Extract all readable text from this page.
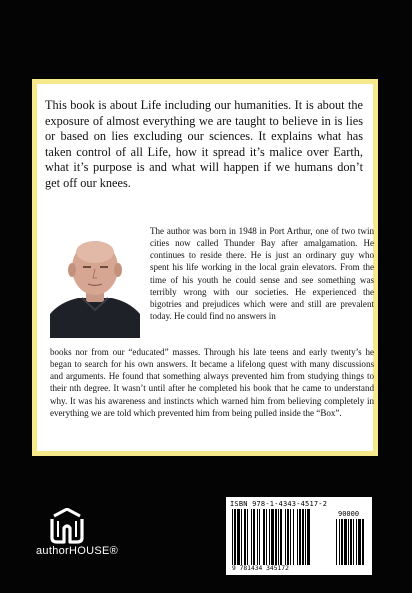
This book is about Life including our humanities. It is about the exposure of almost everything we are taught to believe in is lies or based on lies excluding our sciences. It explains what has taken control of all Life, how it spread it’s malice over Earth, what it’s purpose is and what will happen if we humans don’t get off our knees.
The author was born in 1948 in Port Arthur, one of two twin cities now called Thunder Bay after amalgamation. He continues to reside there. He is just an ordinary guy who spent his life working in the local grain elevators. From the time of his youth he could sense and see something was terribly wrong with our societies. He experienced the bigotries and prejudices which were and still are prevalent today. He could find no answers in
books nor from our “educated” masses. Through his late teens and early twenty’s he began to search for his own answers. It became a lifelong quest with many discussions and arguments. He found that something always prevented him from studying things to their nth degree. It wasn’t until after he completed his book that he came to understand why. It was his awareness and instincts which warned him from believing completely in everything we are told which prevented him from being pulled inside the “Box”.
authorHOUSE®
ISBN 978-1-4343-4517-2
90000
9 781434 345172
